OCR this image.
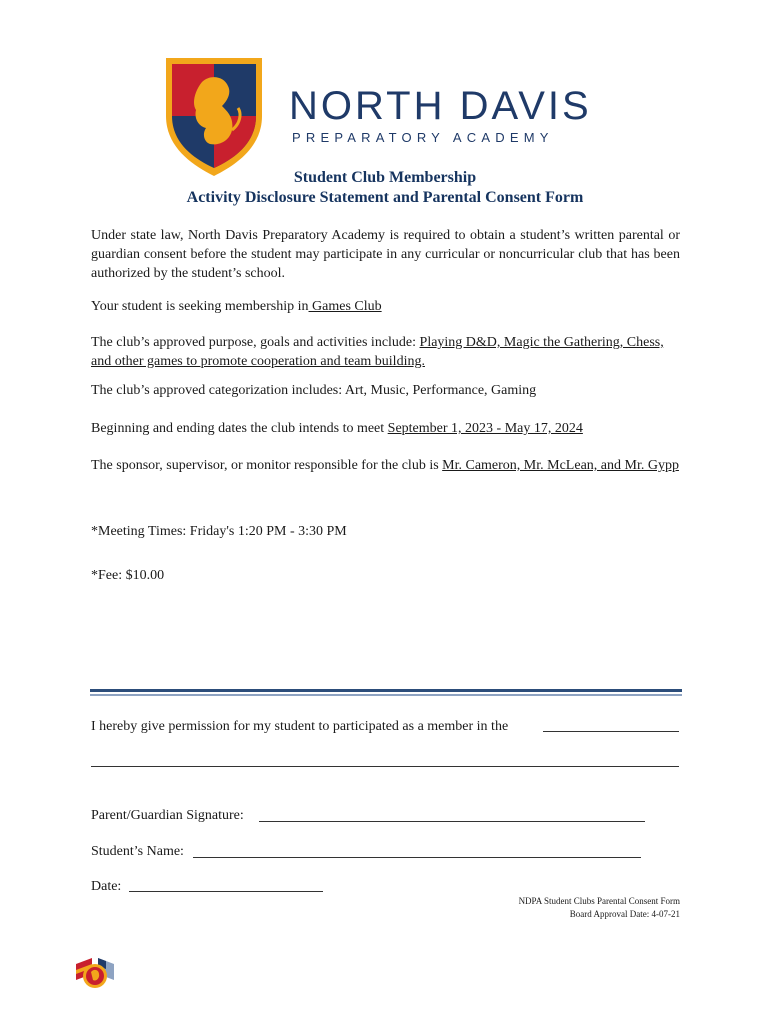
NORTH DAVIS
PREPARATORY ACADEMY
Student Club Membership
Activity Disclosure Statement and Parental Consent Form
Under state law, North Davis Preparatory Academy is required to obtain a student’s written parental or guardian consent before the student may participate in any curricular or noncurricular club that has been authorized by the student’s school.
Your student is seeking membership in Games Club
The club’s approved purpose, goals and activities include: Playing D&D, Magic the Gathering, Chess, and other games to promote cooperation and team building.
The club’s approved categorization includes: Art, Music, Performance, Gaming
Beginning and ending dates the club intends to meet September 1, 2023 - May 17, 2024
The sponsor, supervisor, or monitor responsible for the club is Mr. Cameron, Mr. McLean, and Mr. Gypp
*Meeting Times: Friday's 1:20 PM - 3:30 PM
*Fee: $10.00
I hereby give permission for my student to participated as a member in the
Parent/Guardian Signature:
Student’s Name:
Date:
NDPA Student Clubs Parental Consent Form
Board Approval Date: 4-07-21
